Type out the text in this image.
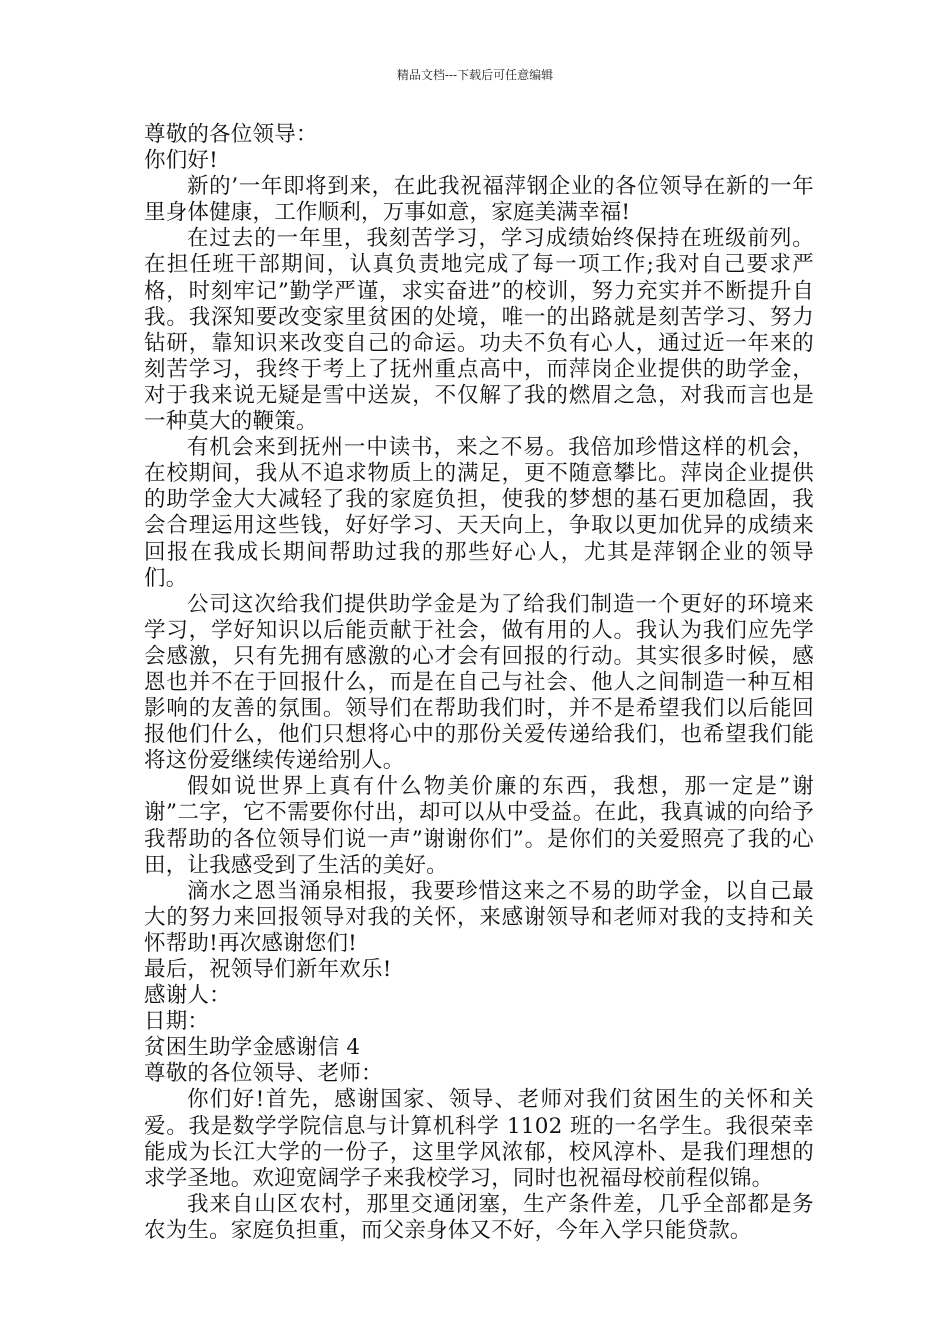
精品文档---下载后可任意编辑

尊敬的各位领导：

你们好!

新的’一年即将到来，在此我祝福萍钢企业的各位领导在新的一年里身体健康，工作顺利，万事如意，家庭美满幸福!

在过去的一年里，我刻苦学习，学习成绩始终保持在班级前列。在担任班干部期间，认真负责地完成了每一项工作;我对自己要求严格，时刻牢记”勤学严谨，求实奋进”的校训，努力充实并不断提升自我。我深知要改变家里贫困的处境，唯一的出路就是刻苦学习、努力钻研，靠知识来改变自己的命运。功夫不负有心人，通过近一年来的刻苦学习，我终于考上了抚州重点高中，而萍岗企业提供的助学金，对于我来说无疑是雪中送炭，不仅解了我的燃眉之急，对我而言也是一种莫大的鞭策。

有机会来到抚州一中读书，来之不易。我倍加珍惜这样的机会，在校期间，我从不追求物质上的满足，更不随意攀比。萍岗企业提供的助学金大大减轻了我的家庭负担，使我的梦想的基石更加稳固，我会合理运用这些钱，好好学习、天天向上，争取以更加优异的成绩来回报在我成长期间帮助过我的那些好心人，尤其是萍钢企业的领导们。

公司这次给我们提供助学金是为了给我们制造一个更好的环境来学习，学好知识以后能贡献于社会，做有用的人。我认为我们应先学会感激，只有先拥有感激的心才会有回报的行动。其实很多时候，感恩也并不在于回报什么，而是在自己与社会、他人之间制造一种互相影响的友善的氛围。领导们在帮助我们时，并不是希望我们以后能回报他们什么，他们只想将心中的那份关爱传递给我们，也希望我们能将这份爱继续传递给别人。

假如说世界上真有什么物美价廉的东西，我想，那一定是”谢谢”二字，它不需要你付出，却可以从中受益。在此，我真诚的向给予我帮助的各位领导们说一声”谢谢你们”。是你们的关爱照亮了我的心田，让我感受到了生活的美好。

滴水之恩当涌泉相报，我要珍惜这来之不易的助学金，以自己最大的努力来回报领导对我的关怀，来感谢领导和老师对我的支持和关怀帮助!再次感谢您们!

最后，祝领导们新年欢乐!

感谢人：

日期：

贫困生助学金感谢信 4

尊敬的各位领导、老师：

你们好!首先，感谢国家、领导、老师对我们贫困生的关怀和关爱。我是数学学院信息与计算机科学 1102 班的一名学生。我很荣幸能成为长江大学的一份子，这里学风浓郁，校风淳朴、是我们理想的求学圣地。欢迎宽阔学子来我校学习，同时也祝福母校前程似锦。

我来自山区农村，那里交通闭塞，生产条件差，几乎全部都是务农为生。家庭负担重，而父亲身体又不好，今年入学只能贷款。
